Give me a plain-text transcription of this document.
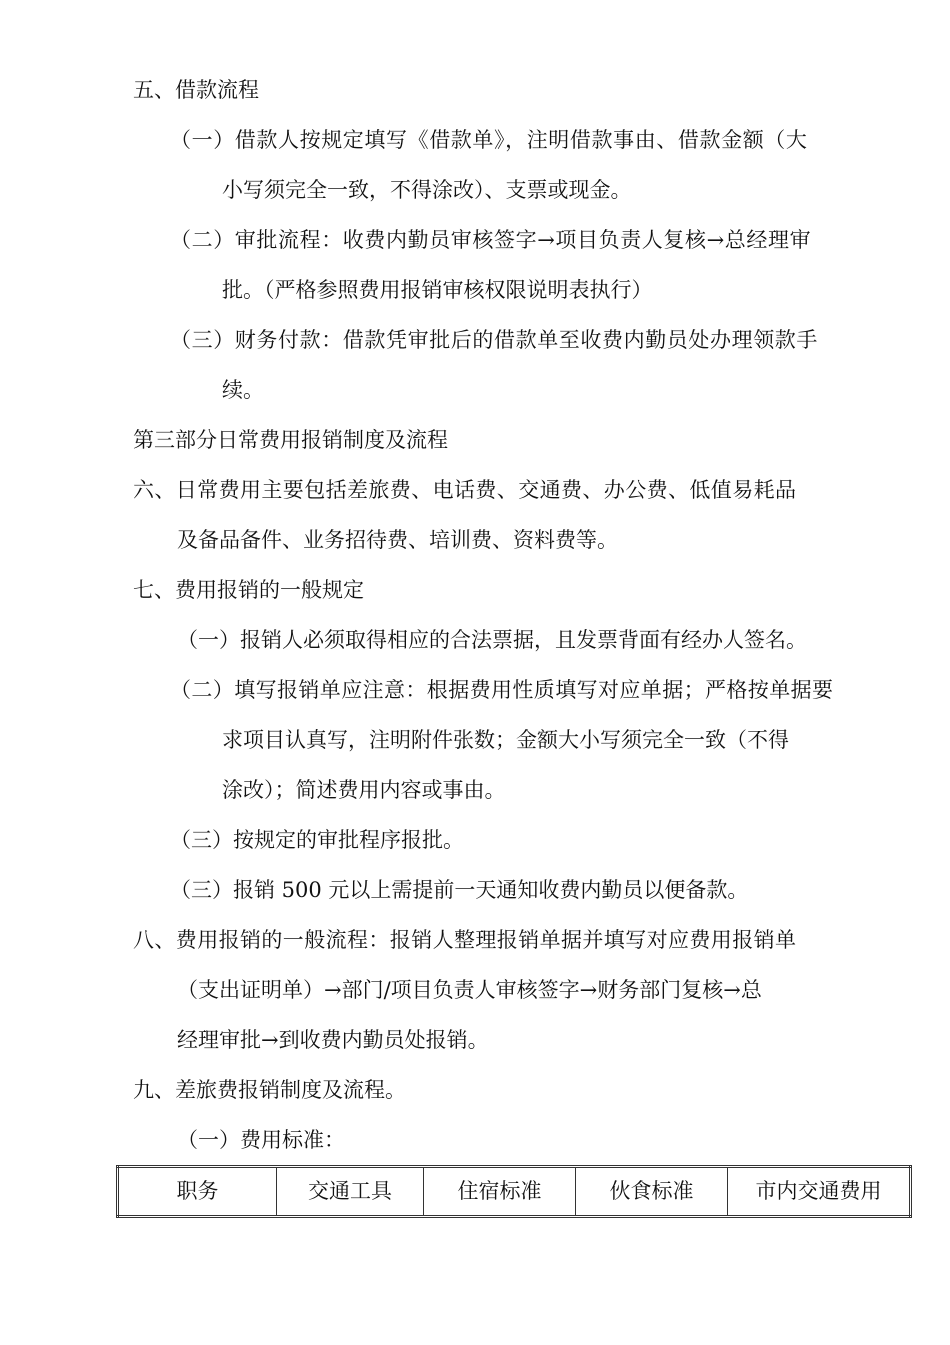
五、借款流程
（一）借款人按规定填写《借款单》，注明借款事由、借款金额（大
小写须完全一致，不得涂改）、支票或现金。
（二）审批流程：收费内勤员审核签字→项目负责人复核→总经理审
批。（严格参照费用报销审核权限说明表执行）
（三）财务付款：借款凭审批后的借款单至收费内勤员处办理领款手
续。
第三部分日常费用报销制度及流程
六、日常费用主要包括差旅费、电话费、交通费、办公费、低值易耗品
及备品备件、业务招待费、培训费、资料费等。
七、费用报销的一般规定
（一）报销人必须取得相应的合法票据，且发票背面有经办人签名。
（二）填写报销单应注意：根据费用性质填写对应单据；严格按单据要
求项目认真写，注明附件张数；金额大小写须完全一致（不得
涂改）；简述费用内容或事由。
（三）按规定的审批程序报批。
（三）报销 500 元以上需提前一天通知收费内勤员以便备款。
八、费用报销的一般流程：报销人整理报销单据并填写对应费用报销单
（支出证明单）→部门/项目负责人审核签字→财务部门复核→总
经理审批→到收费内勤员处报销。
九、差旅费报销制度及流程。
（一）费用标准：
职务	交通工具	住宿标准	伙食标准	市内交通费用
